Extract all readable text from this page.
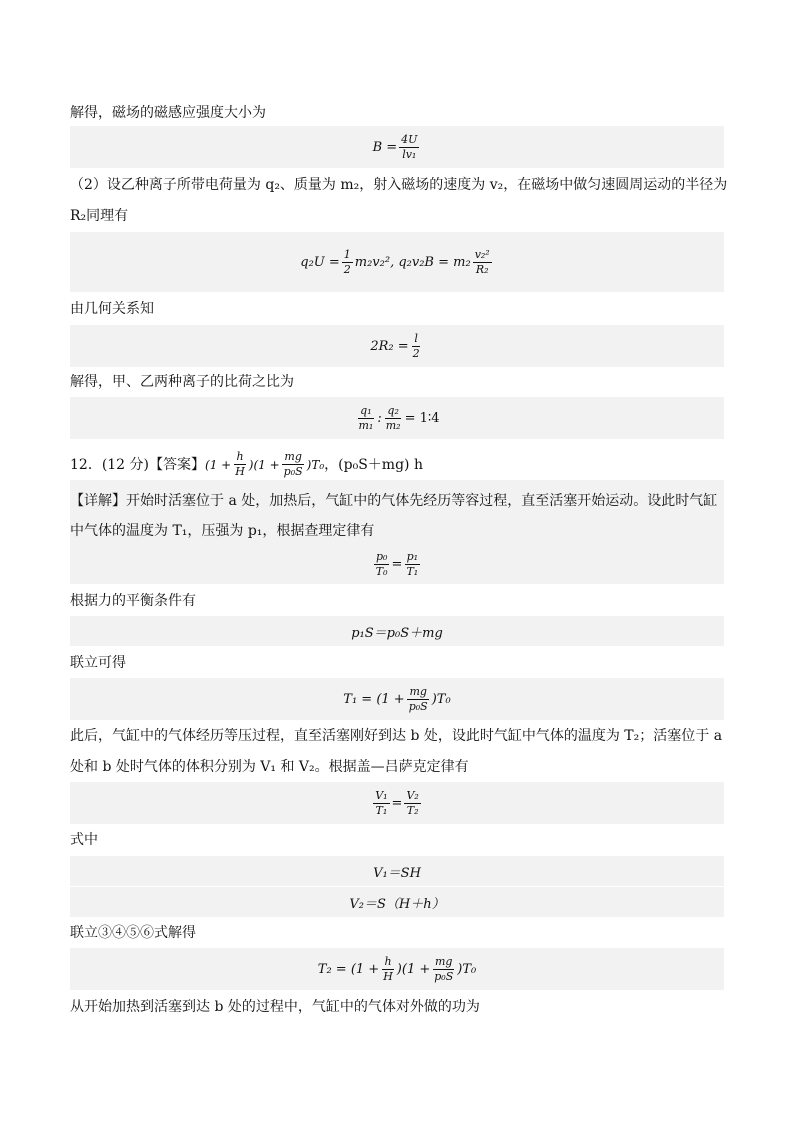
解得，磁场的磁感应强度大小为
$B = \frac{4U}{\text{lv₁}}$
（2）设乙种离子所带电荷量为 q₂、质量为 m₂，射入磁场的速度为 v₂，在磁场中做匀速圆周运动的半径为
R₂同理有
$q_2U = \frac{1}{2} m_2v_2^2$, $q_2v_2B = m_2 \frac{\text{v₂²}}{\text{R₂}}$
由几何关系知
$2R_2 = \frac{l}{2}$
解得，甲、乙两种离子的比荷之比为
$\frac{\text{q₁}}{\text{m₁}}$ : $\frac{\text{q₂}}{\text{m₂}}$ = 1∶4
12．(12 分)【答案】 $(1 + \frac{h}{H} )(1 + \frac{mg}{\text{p₀S}} )T_0$ ，(p₀S＋mg) h
【详解】开始时活塞位于 a 处，加热后，气缸中的气体先经历等容过程，直至活塞开始运动。设此时气缸
中气体的温度为 T₁，压强为 p₁，根据查理定律有
$\frac{\text{p₀}}{\text{T₀}} = \frac{\text{p₁}}{\text{T₁}}$
根据力的平衡条件有
p₁S＝p₀S＋mg
联立可得
$T_1 = (1 + \frac{mg}{\text{p₀S}} )T_0$
此后，气缸中的气体经历等压过程，直至活塞刚好到达 b 处，设此时气缸中气体的温度为 T₂；活塞位于 a
处和 b 处时气体的体积分别为 V₁ 和 V₂。根据盖—吕萨克定律有
$\frac{\text{V₁}}{\text{T₁}} = \frac{\text{V₂}}{\text{T₂}}$
式中
V₁＝SH
V₂＝S（H＋h）
联立③④⑤⑥式解得
$T_2 = (1 + \frac{h}{H} )(1 + \frac{mg}{\text{p₀S}} )T_0$
从开始加热到活塞到达 b 处的过程中，气缸中的气体对外做的功为
